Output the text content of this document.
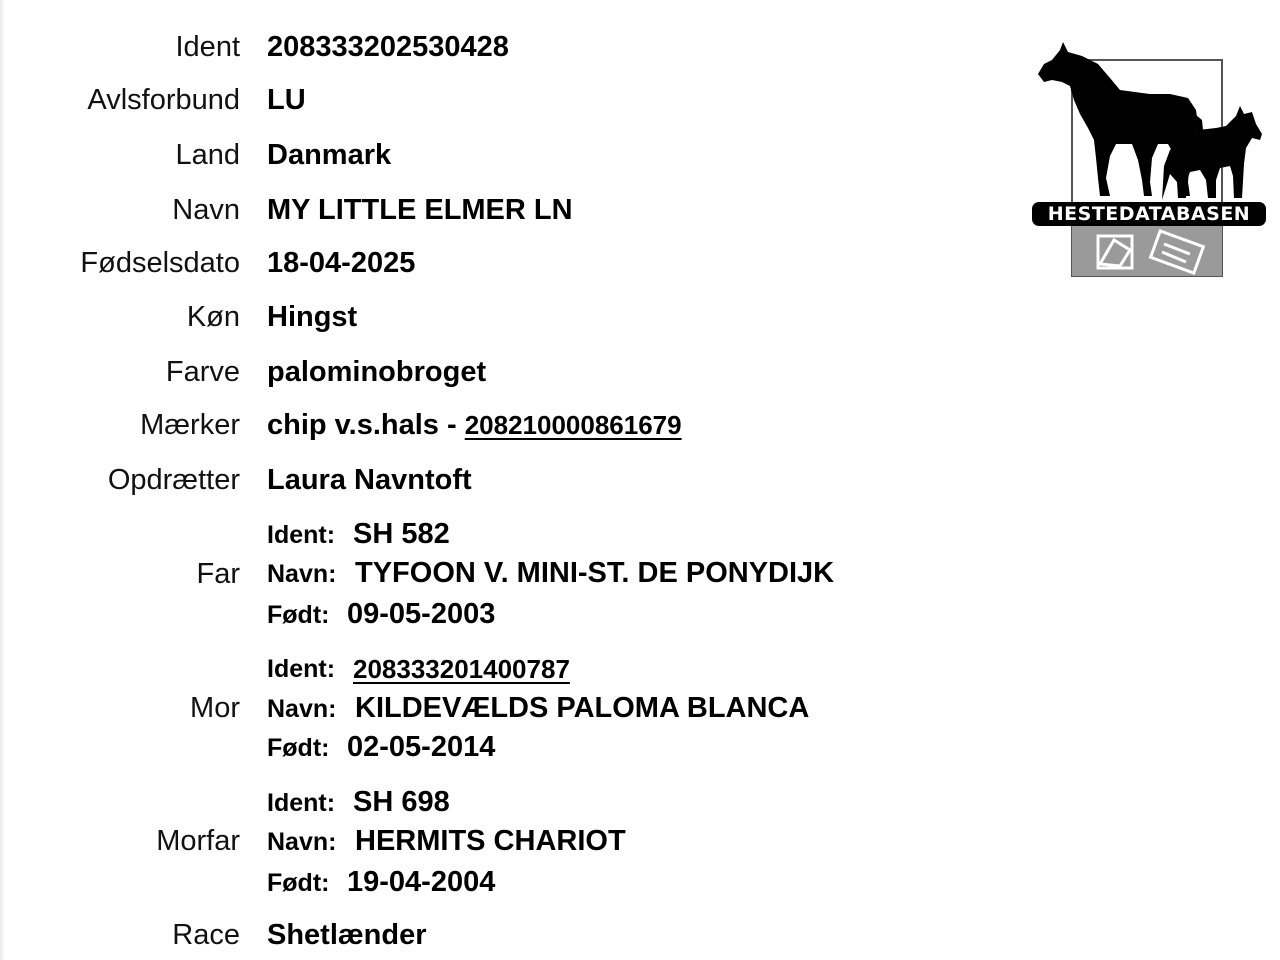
Ident 208333202530428
Avlsforbund LU
Land Danmark
Navn MY LITTLE ELMER LN
Fødselsdato 18-04-2025
Køn Hingst
Farve palominobroget
Mærker chip v.s.hals - 208210000861679
Opdrætter Laura Navntoft
Far
Ident: SH 582
Navn: TYFOON V. MINI-ST. DE PONYDIJK
Født: 09-05-2003
Mor
Ident: 208333201400787
Navn: KILDEVÆLDS PALOMA BLANCA
Født: 02-05-2014
Morfar
Ident: SH 698
Navn: HERMITS CHARIOT
Født: 19-04-2004
Race Shetlænder
HESTEDATABASEN
